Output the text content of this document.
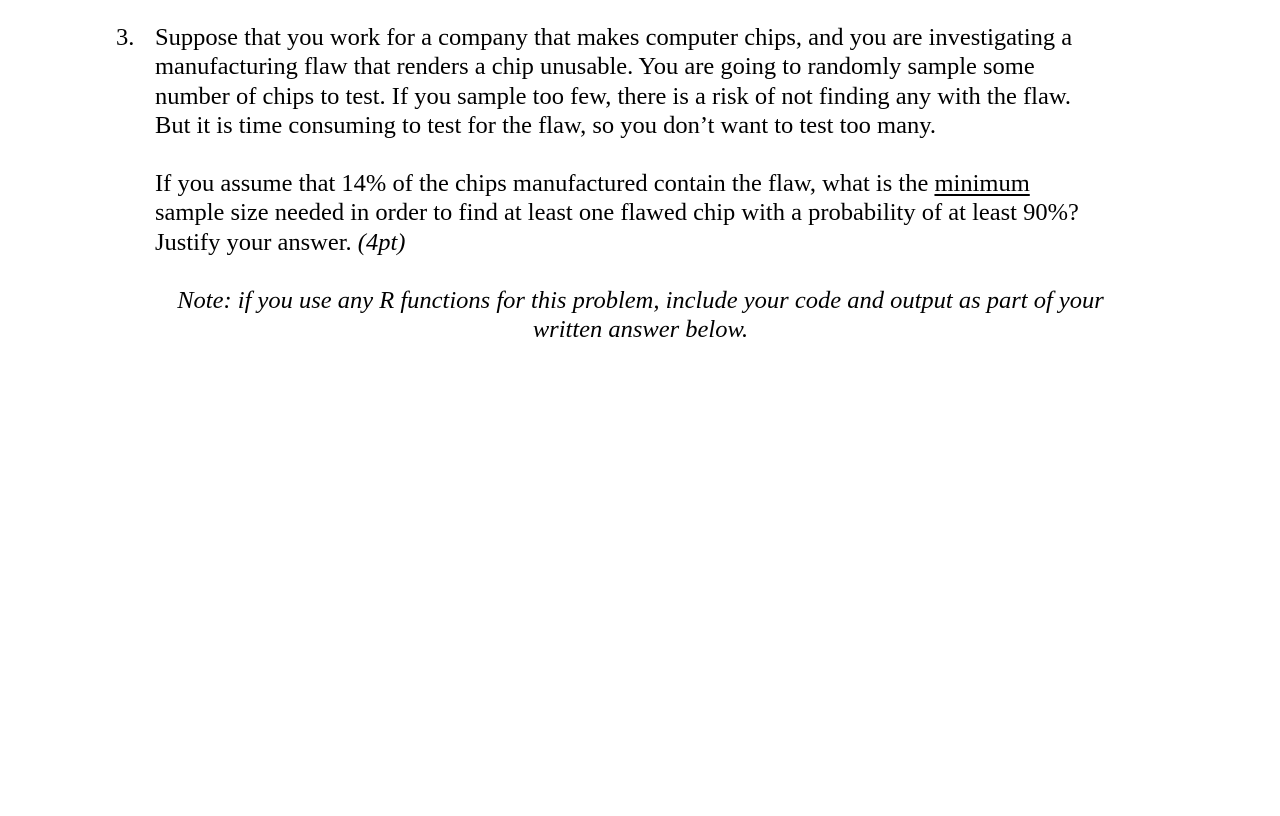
3. Suppose that you work for a company that makes computer chips, and you are investigating a
manufacturing flaw that renders a chip unusable. You are going to randomly sample some
number of chips to test. If you sample too few, there is a risk of not finding any with the flaw.
But it is time consuming to test for the flaw, so you don’t want to test too many.
If you assume that 14% of the chips manufactured contain the flaw, what is the minimum
sample size needed in order to find at least one flawed chip with a probability of at least 90%?
Justify your answer. (4pt)
Note: if you use any R functions for this problem, include your code and output as part of your
written answer below.
